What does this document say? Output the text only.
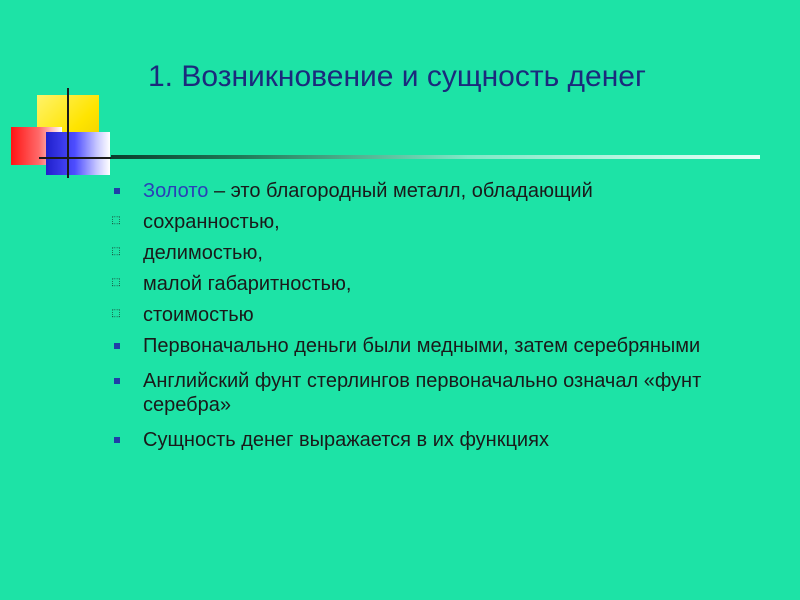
1. Возникновение и сущность денег
Золото – это благородный металл, обладающий
⬚ сохранностью,
⬚ делимостью,
⬚ малой габаритностью,
⬚ стоимостью
Первоначально деньги были медными, затем серебряными
Английский фунт стерлингов первоначально означал «фунт серебра»
Сущность денег выражается в их функциях
